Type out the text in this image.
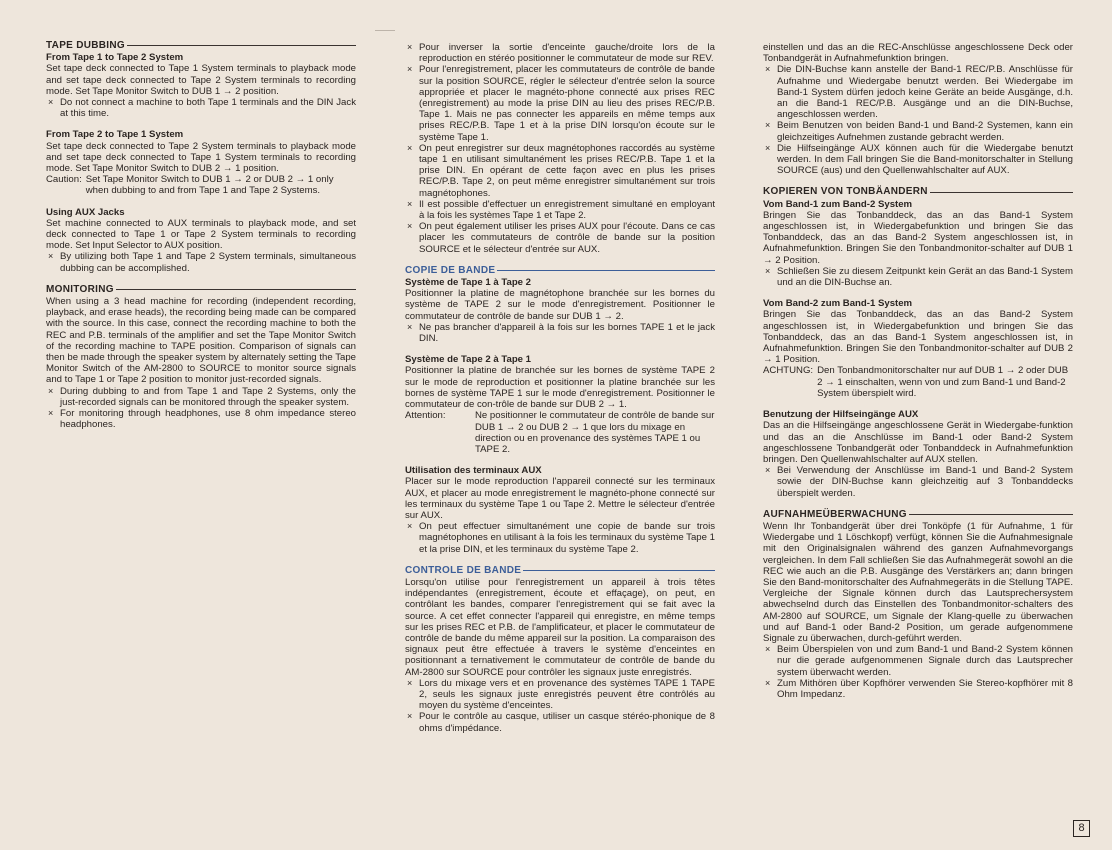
TAPE DUBBING
From Tape 1 to Tape 2 System

Set tape deck connected to Tape 1 System terminals to playback mode and set tape deck connected to Tape 2 System terminals to recording mode. Set Tape Monitor Switch to DUB 1 → 2 position.

× Do not connect a machine to both Tape 1 terminals and the DIN Jack at this time.
From Tape 2 to Tape 1 System

Set tape deck connected to Tape 2 System terminals to playback mode and set tape deck connected to Tape 1 System terminals to recording mode. Set Tape Monitor Switch to DUB 2 → 1 position.

Caution: Set Tape Monitor Switch to DUB 1 → 2 or DUB 2 → 1 only when dubbing to and from Tape 1 and Tape 2 Systems.
Using AUX Jacks

Set machine connected to AUX terminals to playback mode, and set deck connected to Tape 1 or Tape 2 System terminals to recording mode. Set Input Selector to AUX position.

× By utilizing both Tape 1 and Tape 2 System terminals, simultaneous dubbing can be accomplished.
MONITORING

When using a 3 head machine for recording (independent recording, playback, and erase heads), the recording being made can be compared with the source. In this case, connect the recording machine to both the REC and P.B. terminals of the amplifier and set the Tape Monitor Switch of the recording machine to TAPE position. Comparison of signals can then be made through the speaker system by alternately setting the Tape Monitor Switch of the AM-2800 to SOURCE to monitor source signals and to Tape 1 or Tape 2 position to monitor just-recorded signals.

× During dubbing to and from Tape 1 and Tape 2 Systems, only the just-recorded signals can be monitored through the speaker system.
× For monitoring through headphones, use 8 ohm impedance stereo headphones.
× Pour inverser la sortie d'enceinte gauche/droite lors de la reproduction en stéréo positionner le commutateur de mode sur REV.
× Pour l'enregistrement, placer les commutateurs de contrôle de bande sur la position SOURCE, régler le sélecteur d'entrée selon la source appropriée et placer le magnéto-phone connecté aux prises REC (enregistrement) au mode la prise DIN au lieu des prises REC/P.B. Tape 1. Mais ne pas connecter les appareils en même temps aux prises REC/P.B. Tape 1 et à la prise DIN lorsqu'on écoute sur le système Tape 1.
× On peut enregistrer sur deux magnétophones raccordés au système tape 1 en utilisant simultanément les prises REC/P.B. Tape 1 et la prise DIN. En opérant de cette façon avec en plus les prises REC/P.B. Tape 2, on peut même enregistrer simultanément sur trois magnétophones.
× Il est possible d'effectuer un enregistrement simultané en employant à la fois les systèmes Tape 1 et Tape 2.
× On peut également utiliser les prises AUX pour l'écoute. Dans ce cas placer les commutateurs de contrôle de bande sur la position SOURCE et le sélecteur d'entrée sur AUX.
COPIE DE BANDE
Système de Tape 1 à Tape 2

Positionner la platine de magnétophone branchée sur les bornes du système de TAPE 2 sur le mode d'enregistrement. Positionner le commutateur de contrôle de bande sur DUB 1 → 2.

× Ne pas brancher d'appareil à la fois sur les bornes TAPE 1 et le jack DIN.
Système de Tape 2 à Tape 1

Positionner la platine de branchée sur les bornes de système TAPE 2 sur le mode de reproduction et positionner la platine branchée sur les bornes de système TAPE 1 sur le mode d'enregistrement. Positionner le commutateur de con-trôle de bande sur DUB 2 → 1.

Attention:	Ne positionner le commutateur de contrôle de bande sur DUB 1 → 2 ou DUB 2 → 1 que lors du mixage en direction ou en provenance des systèmes TAPE 1 ou TAPE 2.
Utilisation des terminaux AUX

Placer sur le mode reproduction l'appareil connecté sur les terminaux AUX, et placer au mode enregistrement le magnéto-phone connecté sur les terminaux du système Tape 1 ou Tape 2. Mettre le sélecteur d'entrée sur AUX.

× On peut effectuer simultanément une copie de bande sur trois magnétophones en utilisant à la fois les terminaux du système Tape 1 et la prise DIN, et les terminaux du système Tape 2.
CONTROLE DE BANDE

Lorsqu'on utilise pour l'enregistrement un appareil à trois têtes indépendantes (enregistrement, écoute et effaçage), on peut, en contrôlant les bandes, comparer l'enregistrement qui se fait avec la source. A cet effet connecter l'appareil qui enregistre, en même temps sur les prises REC et P.B. de l'amplificateur, et placer le commutateur de contrôle de bande du même appareil sur la position. La comparaison des signaux peut être effectuée à travers le système d'enceintes en positionnant a ternativement le commutateur de contrôle de bande du AM-2800 sur SOURCE pour contrôler les signaux juste enregistrés.

× Lors du mixage vers et en provenance des systèmes TAPE 1 TAPE 2, seuls les signaux juste enregistrés peuvent être contrôlés au moyen du système d'enceintes.
× Pour le contrôle au casque, utiliser un casque stéréo-phonique de 8 ohms d'impédance.

einstellen und das an die REC-Anschlüsse angeschlossene Deck oder Tonbandgerät in Aufnahmefunktion bringen.

× Die DIN-Buchse kann anstelle der Band-1 REC/P.B. Anschlüsse für Aufnahme und Wiedergabe benutzt werden. Bei Wiedergabe im Band-1 System dürfen jedoch keine Geräte an beide Ausgänge, d.h. an die Band-1 REC/P.B. Ausgänge und an die DIN-Buchse, angeschlossen werden.
× Beim Benutzen von beiden Band-1 und Band-2 Systemen, kann ein gleichzeitiges Aufnehmen zustande gebracht werden.
× Die Hilfseingänge AUX können auch für die Wiedergabe benutzt werden. In dem Fall bringen Sie die Band-monitorschalter in Stellung SOURCE (aus) und den Quellenwahlschalter auf AUX.
KOPIEREN VON TONBÄANDERN
Vom Band-1 zum Band-2 System

Bringen Sie das Tonbanddeck, das an das Band-1 System angeschlossen ist, in Wiedergabefunktion und bringen Sie das Tonbanddeck, das an das Band-2 System angeschlossen ist, in Aufnahmefunktion. Bringen Sie den Tonbandmonitor-schalter auf DUB 1 → 2 Position.

× Schließen Sie zu diesem Zeitpunkt kein Gerät an das Band-1 System und an die DIN-Buchse an.
Vom Band-2 zum Band-1 System

Bringen Sie das Tonbanddeck, das an das Band-2 System angeschlossen ist, in Wiedergabefunktion und bringen Sie das Tonbanddeck, das an das Band-1 System angeschlossen ist, in Aufnahmefunktion. Bringen Sie den Tonbandmonitor-schalter auf DUB 2 → 1 Position.

ACHTUNG: Den Tonbandmonitorschalter nur auf DUB 1 → 2 oder DUB 2 → 1 einschalten, wenn von und zum Band-1 und Band-2 System überspielt wird.
Benutzung der Hilfseingänge AUX

Das an die Hilfseingänge angeschlossene Gerät in Wiedergabe-funktion und das an die Anschlüsse im Band-1 oder Band-2 System angeschlossene Tonbandgerät oder Tonbanddeck in Aufnahmefunktion bringen. Den Quellenwahlschalter auf AUX stellen.

× Bei Verwendung der Anschlüsse im Band-1 und Band-2 System sowie der DIN-Buchse kann gleichzeitig auf 3 Tonbanddecks überspielt werden.
AUFNAHMEÜBERWACHUNG

Wenn Ihr Tonbandgerät über drei Tonköpfe (1 für Aufnahme, 1 für Wiedergabe und 1 Löschkopf) verfügt, können Sie die Aufnahmesignale mit den Originalsignalen während des ganzen Aufnahmevorgangs vergleichen. In dem Fall schließen Sie das Aufnahmegerät sowohl an die REC wie auch an die P.B. Ausgänge des Verstärkers an; dann bringen Sie den Band-monitorschalter des Aufnahmegeräts in die Stellung TAPE. Vergleiche der Signale können durch das Lautsprechersystem abwechselnd durch das Einstellen des Tonbandmonitor-schalters des AM-2800 auf SOURCE, um Signale der Klang-quelle zu überwachen und auf Band-1 oder Band-2 Position, um gerade aufgenommene Signale zu überwachen, durch-geführt werden.

× Beim Überspielen von und zum Band-1 und Band-2 System können nur die gerade aufgenommenen Signale durch das Lautsprecher system überwacht werden.
× Zum Mithören über Kopfhörer verwenden Sie Stereo-kopfhörer mit 8 Ohm Impedanz.
8
